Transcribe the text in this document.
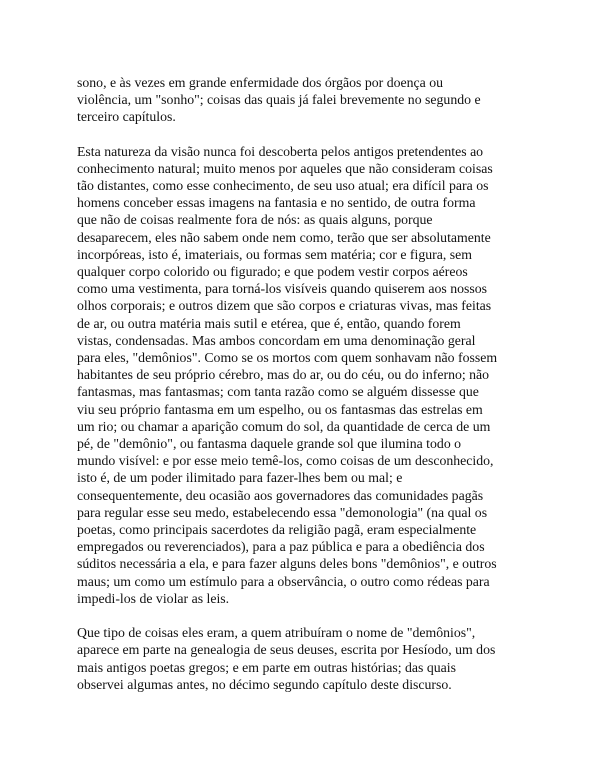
sono, e às vezes em grande enfermidade dos órgãos por doença ou
violência, um "sonho"; coisas das quais já falei brevemente no segundo e
terceiro capítulos.

Esta natureza da visão nunca foi descoberta pelos antigos pretendentes ao
conhecimento natural; muito menos por aqueles que não consideram coisas
tão distantes, como esse conhecimento, de seu uso atual; era difícil para os
homens conceber essas imagens na fantasia e no sentido, de outra forma
que não de coisas realmente fora de nós: as quais alguns, porque
desaparecem, eles não sabem onde nem como, terão que ser absolutamente
incorpóreas, isto é, imateriais, ou formas sem matéria; cor e figura, sem
qualquer corpo colorido ou figurado; e que podem vestir corpos aéreos
como uma vestimenta, para torná-los visíveis quando quiserem aos nossos
olhos corporais; e outros dizem que são corpos e criaturas vivas, mas feitas
de ar, ou outra matéria mais sutil e etérea, que é, então, quando forem
vistas, condensadas. Mas ambos concordam em uma denominação geral
para eles, "demônios". Como se os mortos com quem sonhavam não fossem
habitantes de seu próprio cérebro, mas do ar, ou do céu, ou do inferno; não
fantasmas, mas fantasmas; com tanta razão como se alguém dissesse que
viu seu próprio fantasma em um espelho, ou os fantasmas das estrelas em
um rio; ou chamar a aparição comum do sol, da quantidade de cerca de um
pé, de "demônio", ou fantasma daquele grande sol que ilumina todo o
mundo visível: e por esse meio temê-los, como coisas de um desconhecido,
isto é, de um poder ilimitado para fazer-lhes bem ou mal; e
consequentemente, deu ocasião aos governadores das comunidades pagãs
para regular esse seu medo, estabelecendo essa "demonologia" (na qual os
poetas, como principais sacerdotes da religião pagã, eram especialmente
empregados ou reverenciados), para a paz pública e para a obediência dos
súditos necessária a ela, e para fazer alguns deles bons "demônios", e outros
maus; um como um estímulo para a observância, o outro como rédeas para
impedi-los de violar as leis.

Que tipo de coisas eles eram, a quem atribuíram o nome de "demônios",
aparece em parte na genealogia de seus deuses, escrita por Hesíodo, um dos
mais antigos poetas gregos; e em parte em outras histórias; das quais
observei algumas antes, no décimo segundo capítulo deste discurso.
